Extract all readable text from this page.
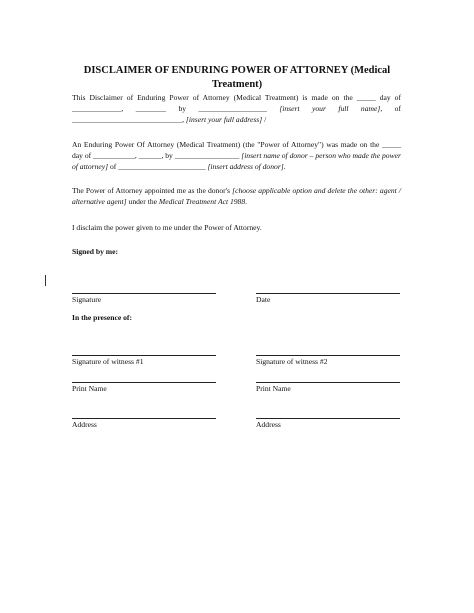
DISCLAIMER OF ENDURING POWER OF ATTORNEY (Medical Treatment)
This Disclaimer of Enduring Power of Attorney (Medical Treatment) is made on the _____ day of _____________, ________ by __________________ [insert your full name], of _____________________________, [insert your full address] /
An Enduring Power Of Attorney (Medical Treatment) (the "Power of Attorney") was made on the _____ day of ___________, ______, by _________________ [insert name of donor – person who made the power of attorney] of _______________________ [insert address of donor].
The Power of Attorney appointed me as the donor's [choose applicable option and delete the other: agent / alternative agent] under the Medical Treatment Act 1988.
I disclaim the power given to me under the Power of Attorney.
Signed by me:
Signature	Date
In the presence of:
Signature of witness #1	Signature of witness #2
Print Name	Print Name
Address	Address
